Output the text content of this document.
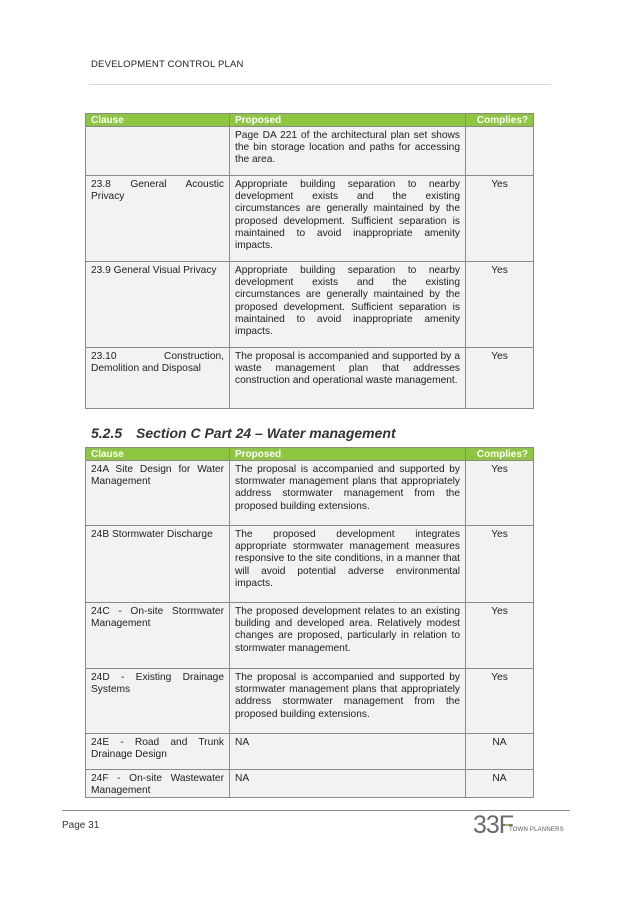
DEVELOPMENT CONTROL PLAN
Clause	Proposed	Complies?
	Page DA 221 of the architectural plan set shows the bin storage location and paths for accessing the area.	
23.8 General Acoustic Privacy	Appropriate building separation to nearby development exists and the existing circumstances are generally maintained by the proposed development. Sufficient separation is maintained to avoid inappropriate amenity impacts.	Yes
23.9 General Visual Privacy	Appropriate building separation to nearby development exists and the existing circumstances are generally maintained by the proposed development. Sufficient separation is maintained to avoid inappropriate amenity impacts.	Yes
23.10 Construction, Demolition and Disposal	The proposal is accompanied and supported by a waste management plan that addresses construction and operational waste management.	Yes
5.2.5 Section C Part 24 – Water management
Clause	Proposed	Complies?
24A Site Design for Water Management	The proposal is accompanied and supported by stormwater management plans that appropriately address stormwater management from the proposed building extensions.	Yes
24B Stormwater Discharge	The proposed development integrates appropriate stormwater management measures responsive to the site conditions, in a manner that will avoid potential adverse environmental impacts.	Yes
24C - On-site Stormwater Management	The proposed development relates to an existing building and developed area. Relatively modest changes are proposed, particularly in relation to stormwater management.	Yes
24D - Existing Drainage Systems	The proposal is accompanied and supported by stormwater management plans that appropriately address stormwater management from the proposed building extensions.	Yes
24E - Road and Trunk Drainage Design	NA	NA
24F - On-site Wastewater Management	NA	NA
Page 31	33F
TOWN PLANNERS
